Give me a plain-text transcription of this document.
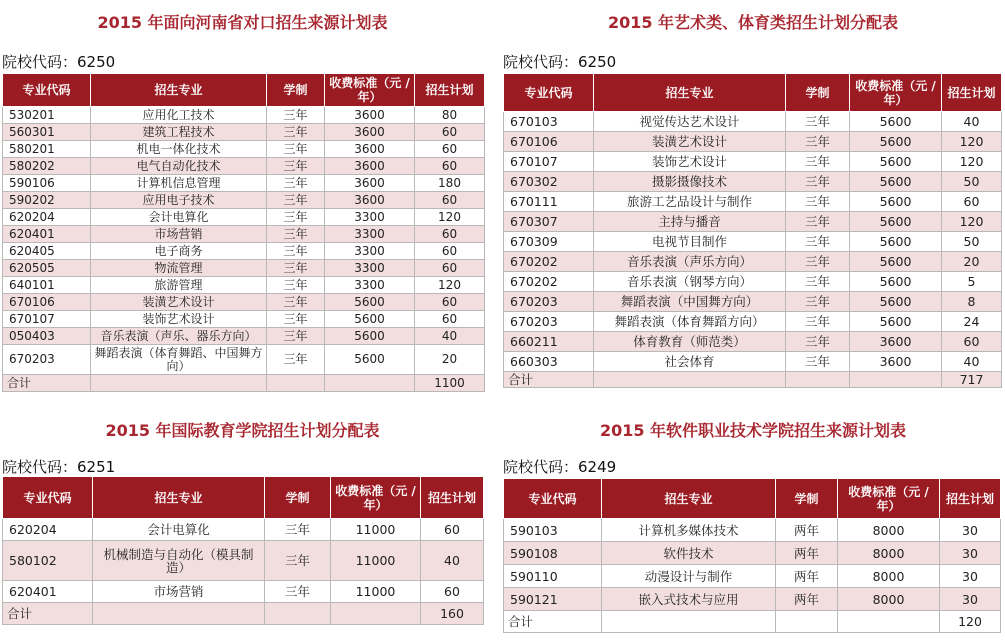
2015 年面向河南省对口招生来源计划表
院校代码：6250
专业代码	招生专业	学制	收费标准（元 / 年）	招生计划
530201	应用化工技术	三年	3600	80
560301	建筑工程技术	三年	3600	60
580201	机电一体化技术	三年	3600	60
580202	电气自动化技术	三年	3600	60
590106	计算机信息管理	三年	3600	180
590202	应用电子技术	三年	3600	60
620204	会计电算化	三年	3300	120
620401	市场营销	三年	3300	60
620405	电子商务	三年	3300	60
620505	物流管理	三年	3300	60
640101	旅游管理	三年	3300	120
670106	装潢艺术设计	三年	5600	60
670107	装饰艺术设计	三年	5600	60
050403	音乐表演（声乐、器乐方向）	三年	5600	40
670203	舞蹈表演（体育舞蹈、中国舞方向）	三年	5600	20
合计				1100
2015 年艺术类、体育类招生计划分配表
院校代码：6250
专业代码	招生专业	学制	收费标准（元 / 年）	招生计划
670103	视觉传达艺术设计	三年	5600	40
670106	装潢艺术设计	三年	5600	120
670107	装饰艺术设计	三年	5600	120
670302	摄影摄像技术	三年	5600	50
670111	旅游工艺品设计与制作	三年	5600	60
670307	主持与播音	三年	5600	120
670309	电视节目制作	三年	5600	50
670202	音乐表演（声乐方向）	三年	5600	20
670202	音乐表演（钢琴方向）	三年	5600	5
670203	舞蹈表演（中国舞方向）	三年	5600	8
670203	舞蹈表演（体育舞蹈方向）	三年	5600	24
660211	体育教育（师范类）	三年	3600	60
660303	社会体育	三年	3600	40
合计				717
2015 年国际教育学院招生计划分配表
院校代码：6251
专业代码	招生专业	学制	收费标准（元 / 年）	招生计划
620204	会计电算化	三年	11000	60
580102	机械制造与自动化（模具制造）	三年	11000	40
620401	市场营销	三年	11000	60
合计				160
2015 年软件职业技术学院招生来源计划表
院校代码：6249
专业代码	招生专业	学制	收费标准（元 / 年）	招生计划
590103	计算机多媒体技术	两年	8000	30
590108	软件技术	两年	8000	30
590110	动漫设计与制作	两年	8000	30
590121	嵌入式技术与应用	两年	8000	30
合计				120
